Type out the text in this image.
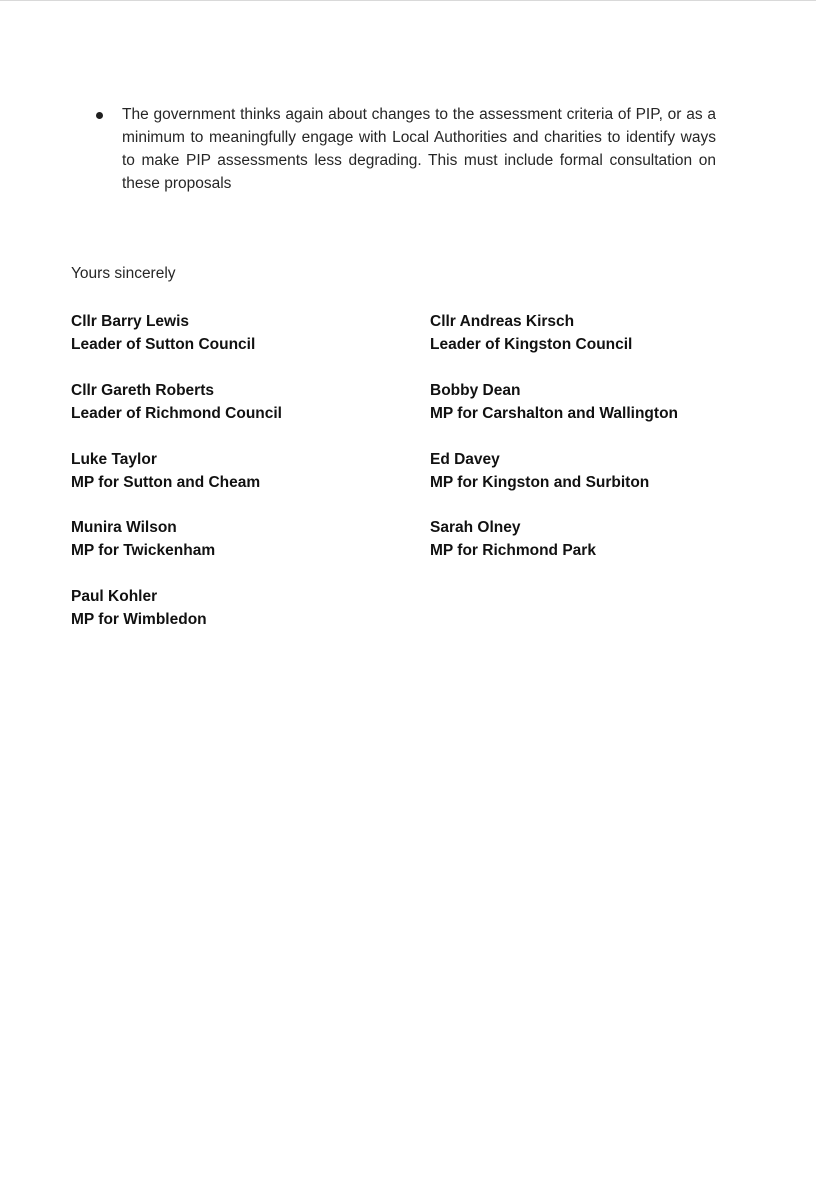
The government thinks again about changes to the assessment criteria of PIP, or as a minimum to meaningfully engage with Local Authorities and charities to identify ways to make PIP assessments less degrading. This must include formal consultation on these proposals

Yours sincerely
Cllr Barry Lewis
Leader of Sutton Council
Cllr Gareth Roberts
Leader of Richmond Council
Luke Taylor
MP for Sutton and Cheam
Munira Wilson
MP for Twickenham
Paul Kohler
MP for Wimbledon
Cllr Andreas Kirsch
Leader of Kingston Council
Bobby Dean
MP for Carshalton and Wallington
Ed Davey
MP for Kingston and Surbiton
Sarah Olney
MP for Richmond Park
